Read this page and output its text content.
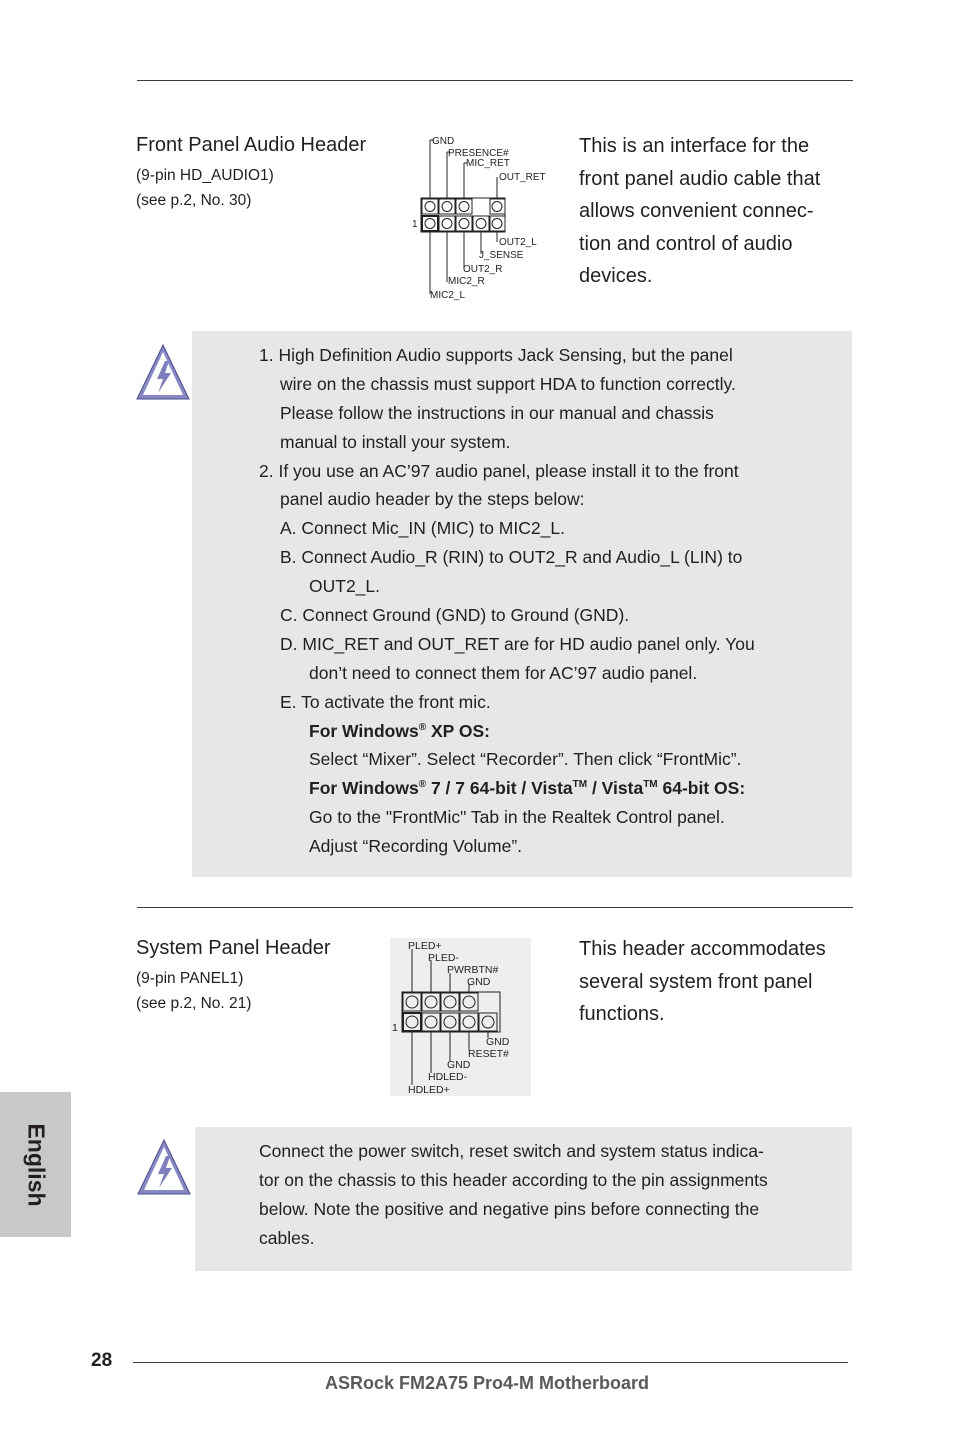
Front Panel Audio Header
(9-pin HD_AUDIO1)
(see p.2, No. 30)
GND
PRESENCE#
MIC_RET
OUT_RET
1
OUT2_L
J_SENSE
OUT2_R
MIC2_R
MIC2_L
This is an interface for the
front panel audio cable that
allows convenient connec-
tion and control of audio
devices.
1. High Definition Audio supports Jack Sensing, but the panel
wire on the chassis must support HDA to function correctly.
Please follow the instructions in our manual and chassis
manual to install your system.
2. If you use an AC’97 audio panel, please install it to the front
panel audio header by the steps below:
A. Connect Mic_IN (MIC) to MIC2_L.
B. Connect Audio_R (RIN) to OUT2_R and Audio_L (LIN) to
OUT2_L.
C. Connect Ground (GND) to Ground (GND).
D. MIC_RET and OUT_RET are for HD audio panel only. You
don’t need to connect them for AC’97 audio panel.
E. To activate the front mic.
For Windows® XP OS:
Select “Mixer”. Select “Recorder”. Then click “FrontMic”.
For Windows® 7 / 7 64-bit / Vista™ / Vista™ 64-bit OS:
Go to the "FrontMic" Tab in the Realtek Control panel.
Adjust “Recording Volume”.
System Panel Header
(9-pin PANEL1)
(see p.2, No. 21)
PLED+
PLED-
PWRBTN#
GND
1
GND
RESET#
GND
HDLED-
HDLED+
This header accommodates
several system front panel
functions.
Connect the power switch, reset switch and system status indica-
tor on the chassis to this header according to the pin assignments
below. Note the positive and negative pins before connecting the
cables.
English
28
ASRock FM2A75 Pro4-M Motherboard
